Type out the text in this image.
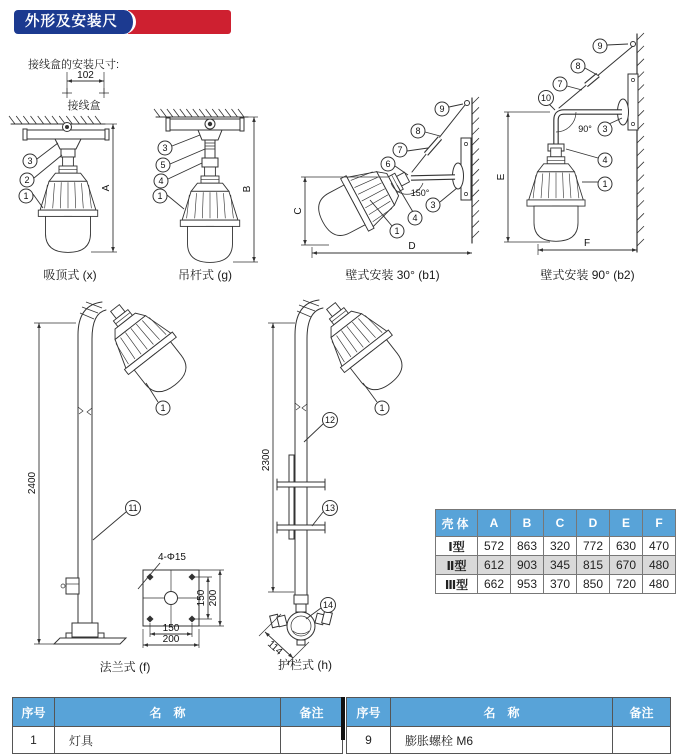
外形及安装尺寸
接线盒的安装尺寸:
102
接线盒
A
3
2
1
吸顶式 (x)
B
3
5
4
1
吊杆式 (g)
150°
9
8
7
6
3
4
1
C
D
壁式安装 30° (b1)
90°
9
8
7
10
3
4
1
E
F
壁式安装 90° (b2)
2400
1
11
4-Φ15
150 200
150
200
法兰式 (f)
114
2300
1
12
13
14
护栏式 (h)
壳体	A	B	C	D	E	F
Ⅰ型	572	863	320	772	630	470
Ⅱ型	612	903	345	815	670	480
Ⅲ型	662	953	370	850	720	480
序号	名　称	备注
1	灯具	
序号	名　称	备注
9	膨胀螺栓 M6	
